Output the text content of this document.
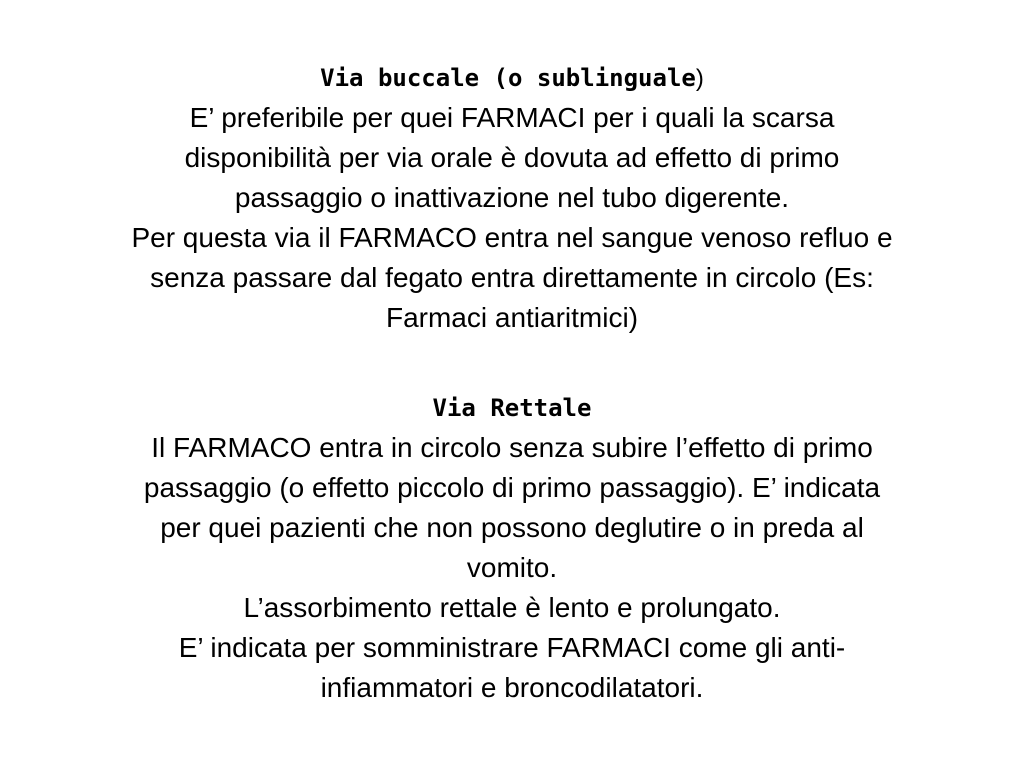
Via buccale (o sublinguale)
E’ preferibile per quei FARMACI per i quali la scarsa
disponibilità per via orale è dovuta ad effetto di primo
passaggio o inattivazione nel tubo digerente.
Per questa via il FARMACO entra nel sangue venoso refluo e
senza passare dal fegato entra direttamente in circolo (Es:
Farmaci antiaritmici)
Via Rettale
Il FARMACO entra in circolo senza subire l’effetto di primo
passaggio (o effetto piccolo di primo passaggio). E’ indicata
per quei pazienti che non possono deglutire o in preda al
vomito.
L’assorbimento rettale è lento e prolungato.
E’ indicata per somministrare FARMACI come gli anti-
infiammatori e broncodilatatori.
